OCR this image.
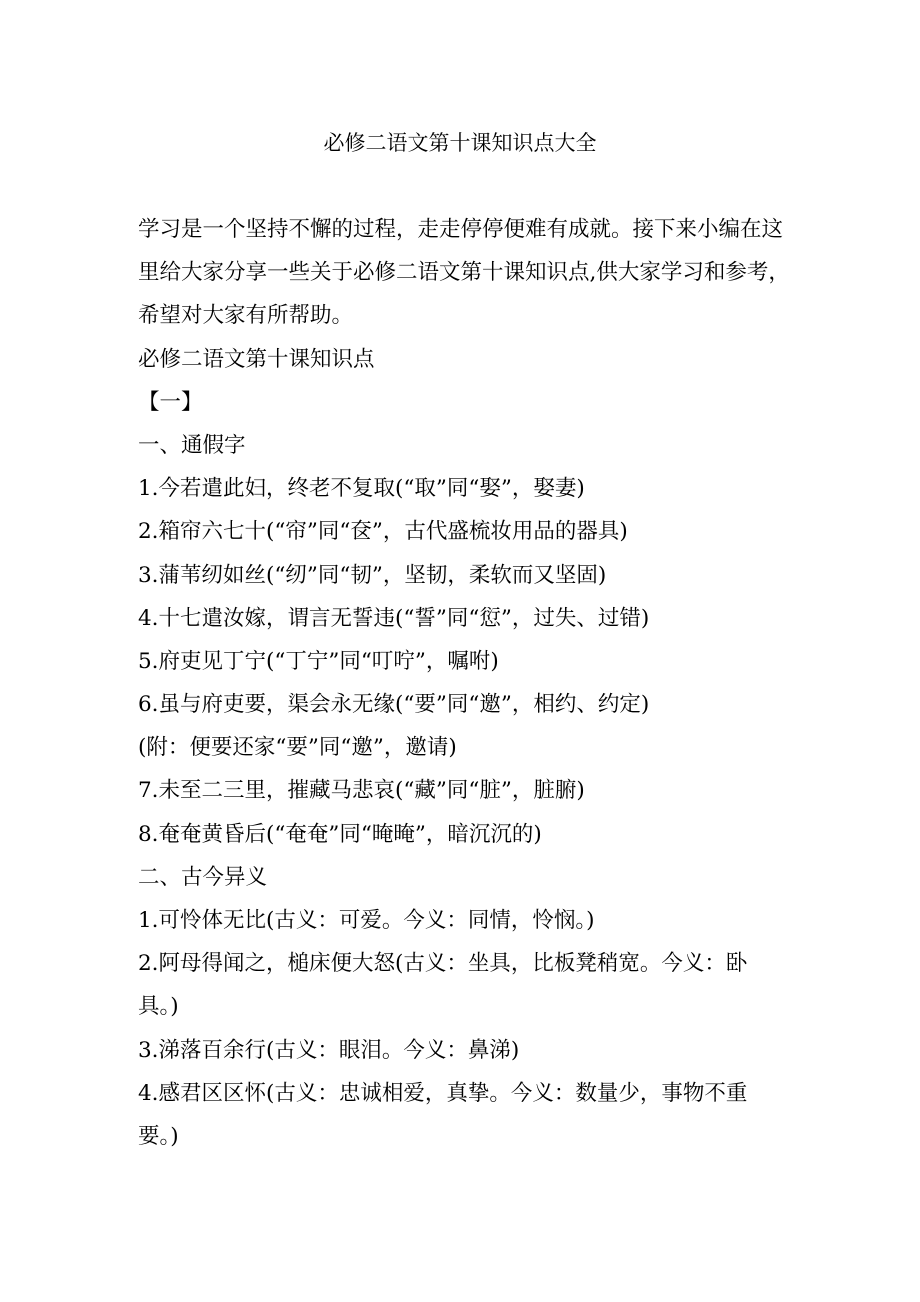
必修二语文第十课知识点大全
学习是一个坚持不懈的过程，走走停停便难有成就。接下来小编在这
里给大家分享一些关于必修二语文第十课知识点,供大家学习和参考，
希望对大家有所帮助。
必修二语文第十课知识点
【一】
一、通假字
1.今若遣此妇，终老不复取(“取”同“娶”，娶妻)
2.箱帘六七十(“帘”同“奁”，古代盛梳妆用品的器具)
3.蒲苇纫如丝(“纫”同“韧”，坚韧，柔软而又坚固)
4.十七遣汝嫁，谓言无誓违(“誓”同“愆”，过失、过错)
5.府吏见丁宁(“丁宁”同“叮咛”，嘱咐)
6.虽与府吏要，渠会永无缘(“要”同“邀”，相约、约定)
(附：便要还家“要”同“邀”，邀请)
7.未至二三里，摧藏马悲哀(“藏”同“脏”，脏腑)
8.奄奄黄昏后(“奄奄”同“晻晻”，暗沉沉的)
二、古今异义
1.可怜体无比(古义：可爱。今义：同情，怜悯。)
2.阿母得闻之，槌床便大怒(古义：坐具，比板凳稍宽。今义：卧
具。)
3.涕落百余行(古义：眼泪。今义：鼻涕)
4.感君区区怀(古义：忠诚相爱，真挚。今义：数量少，事物不重
要。)
